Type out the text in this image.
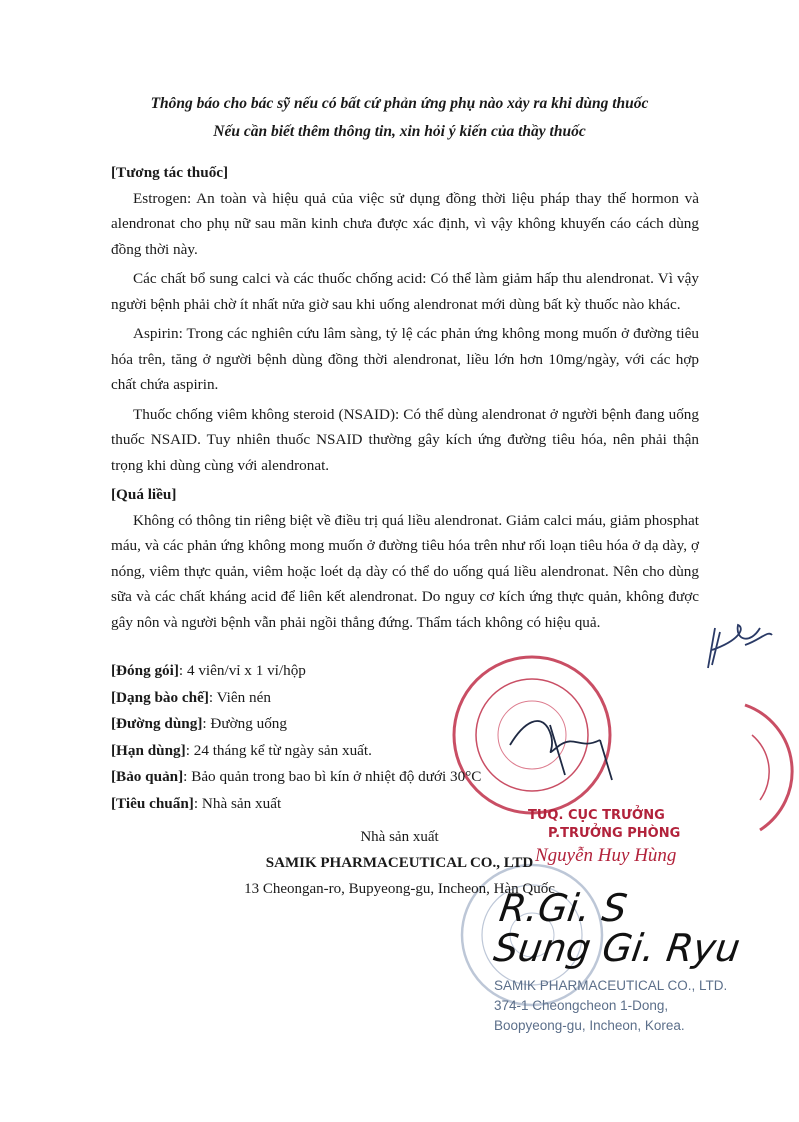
Thông báo cho bác sỹ nếu có bất cứ phản ứng phụ nào xảy ra khi dùng thuốc
Nếu cần biết thêm thông tin, xin hỏi ý kiến của thầy thuốc
[Tương tác thuốc]

Estrogen: An toàn và hiệu quả của việc sử dụng đồng thời liệu pháp thay thế hormon và alendronat cho phụ nữ sau mãn kinh chưa được xác định, vì vậy không khuyến cáo cách dùng đồng thời này.

Các chất bổ sung calci và các thuốc chống acid: Có thể làm giảm hấp thu alendronat. Vì vậy người bệnh phải chờ ít nhất nửa giờ sau khi uống alendronat mới dùng bất kỳ thuốc nào khác.

Aspirin: Trong các nghiên cứu lâm sàng, tỷ lệ các phản ứng không mong muốn ở đường tiêu hóa trên, tăng ở người bệnh dùng đồng thời alendronat, liều lớn hơn 10mg/ngày, với các hợp chất chứa aspirin.

Thuốc chống viêm không steroid (NSAID): Có thể dùng alendronat ở người bệnh đang uống thuốc NSAID. Tuy nhiên thuốc NSAID thường gây kích ứng đường tiêu hóa, nên phải thận trọng khi dùng cùng với alendronat.

[Quá liều]

Không có thông tin riêng biệt về điều trị quá liều alendronat. Giảm calci máu, giảm phosphat máu, và các phản ứng không mong muốn ở đường tiêu hóa trên như rối loạn tiêu hóa ở dạ dày, ợ nóng, viêm thực quản, viêm hoặc loét dạ dày có thể do uống quá liều alendronat. Nên cho dùng sữa và các chất kháng acid để liên kết alendronat. Do nguy cơ kích ứng thực quản, không được gây nôn và người bệnh vẫn phải ngồi thẳng đứng. Thẩm tách không có hiệu quả.

[Đóng gói]: 4 viên/vỉ x 1 vỉ/hộp
[Dạng bào chế]: Viên nén
[Đường dùng]: Đường uống
[Hạn dùng]: 24 tháng kể từ ngày sản xuất.
[Bảo quản]: Bảo quản trong bao bì kín ở nhiệt độ dưới 30°C
[Tiêu chuẩn]: Nhà sản xuất
Nhà sản xuất
SAMIK PHARMACEUTICAL CO., LTD
13 Cheongan-ro, Bupyeong-gu, Incheon, Hàn Quốc
TUQ. CỤC TRƯỞNG
P.TRƯỞNG PHÒNG
Nguyễn Huy Hùng
SAMIK PHARMACEUTICAL CO., LTD.
374-1 Cheongcheon 1-Dong,
Boopyeong-gu, Incheon, Korea.
R.Gi. S
Sung Gi. Ryu
